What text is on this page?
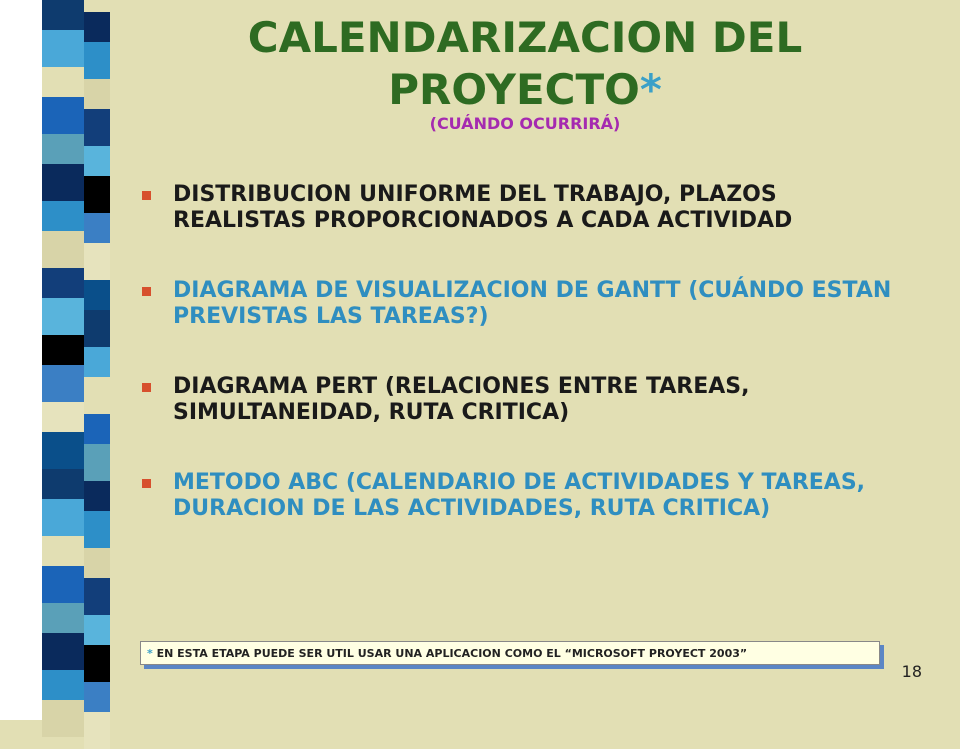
CALENDARIZACION DEL
PROYECTO*
(CUÁNDO OCURRIRÁ)
DISTRIBUCION UNIFORME DEL TRABAJO, PLAZOS REALISTAS PROPORCIONADOS A CADA ACTIVIDAD
DIAGRAMA DE VISUALIZACION DE GANTT (CUÁNDO ESTAN PREVISTAS LAS TAREAS?)
DIAGRAMA PERT (RELACIONES ENTRE TAREAS, SIMULTANEIDAD, RUTA CRITICA)
METODO ABC (CALENDARIO DE ACTIVIDADES Y TAREAS, DURACION DE LAS ACTIVIDADES, RUTA CRITICA)
* EN ESTA ETAPA PUEDE SER UTIL USAR UNA APLICACION COMO EL “MICROSOFT PROYECT 2003”
18
